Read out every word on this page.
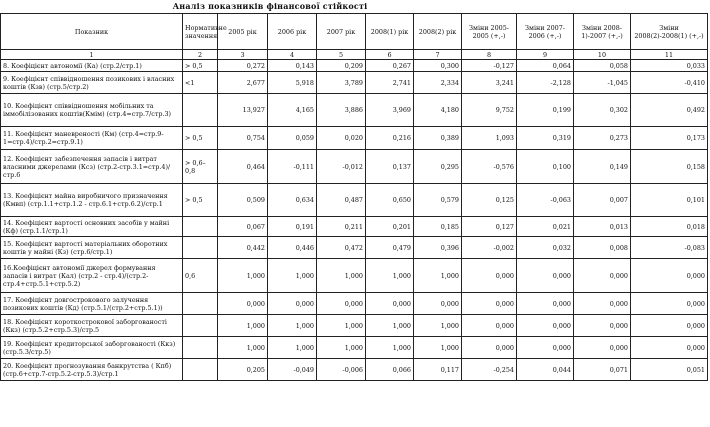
Аналіз показників фінансової стійкості
Показник	Нормативне значення	2005 рік	2006 рік	2007 рік	2008(1) рік	2008(2) рік	Зміни 2005-2005 (+,-)	Зміни 2007-2006 (+,-)	Зміни 2008-1)-2007 (+,-)	Зміни 2008(2)-2008(1) (+,-)
1	2	3	4	5	6	7	8	9	10	11
8. Коефіцієнт автономії (Ка) (стр.2/стр.1)	> 0,5	0,272	0,143	0,209	0,267	0,300	-0,127	0,064	0,058	0,033
9. Коефіцієнт співвідношення позикових і власних коштів (Кзв) (стр.5/стр.2)	<1	2,677	5,918	3,789	2,741	2,334	3,241	-2,128	-1,045	-0,410
10. Коефіцієнт співвідношення мобільних та іммобілізованих коштів(Кмім) (стр.4=стр.7/стр.3)		13,927	4,165	3,886	3,969	4,180	9,752	0,199	0,302	0,492
11. Коефіцієнт маневреності (Км) (стр.4=стр.9-1=стр.4)/стр.2=стр.9.1)	> 0,5	0,754	0,059	0,020	0,216	0,389	1,093	0,319	0,273	0,173
12. Коефіцієнт забезпечення запасів і витрат власними джерелами (Ксз) (стр.2-стр.3.1=стр.4)/стр.6	> 0,6–0,8	0,464	-0,111	-0,012	0,137	0,295	-0,576	0,100	0,149	0,158
13. Коефіцієнт майна виробничого призначення (Кмвп) (стр.1.1+стр.1.2 - стр.6.1+стр.6.2)/стр.1	> 0,5	0,509	0,634	0,487	0,650	0,579	0,125	-0,063	0,007	0,101
14. Коефіцієнт вартості основних засобів у майні (Кф) (стр.1.1/стр.1)		0,067	0,191	0,211	0,201	0,185	0,127	0,021	0,013	0,018
15. Коефіцієнт вартості матеріальних оборотних коштів у майні (Кз) (стр.6/стр.1)		0,442	0,446	0,472	0,479	0,396	-0,002	0,032	0,008	-0,083
16.Коефіцієнт автономії джерел формування запасів і витрат (Кал) (стр.2 - стр.4)/(стр.2-стр.4+стр.5.1+стр.5.2)	0,6	1,000	1,000	1,000	1,000	1,000	0,000	0,000	0,000	0,000
17. Коефіцієнт довгострокового залучення позикових коштів (Кд) (стр.5.1/(стр.2+стр.5.1))		0,000	0,000	0,000	0,000	0,000	0,000	0,000	0,000	0,000
18. Коефіцієнт короткострокової заборгованості (Ккз) (стр.5.2+стр.5.3)/стр.5		1,000	1,000	1,000	1,000	1,000	0,000	0,000	0,000	0,000
19. Коефіцієнт кредиторської заборгованості (Ккз) (стр.5.3/стр.5)		1,000	1,000	1,000	1,000	1,000	0,000	0,000	0,000	0,000
20. Коефіцієнт прогнозування банкрутства ( Кпб) (стр.6+стр.7-стр.5.2-стр.5.3)/стр.1		0,205	-0,049	-0,006	0,066	0,117	-0,254	0,044	0,071	0,051
